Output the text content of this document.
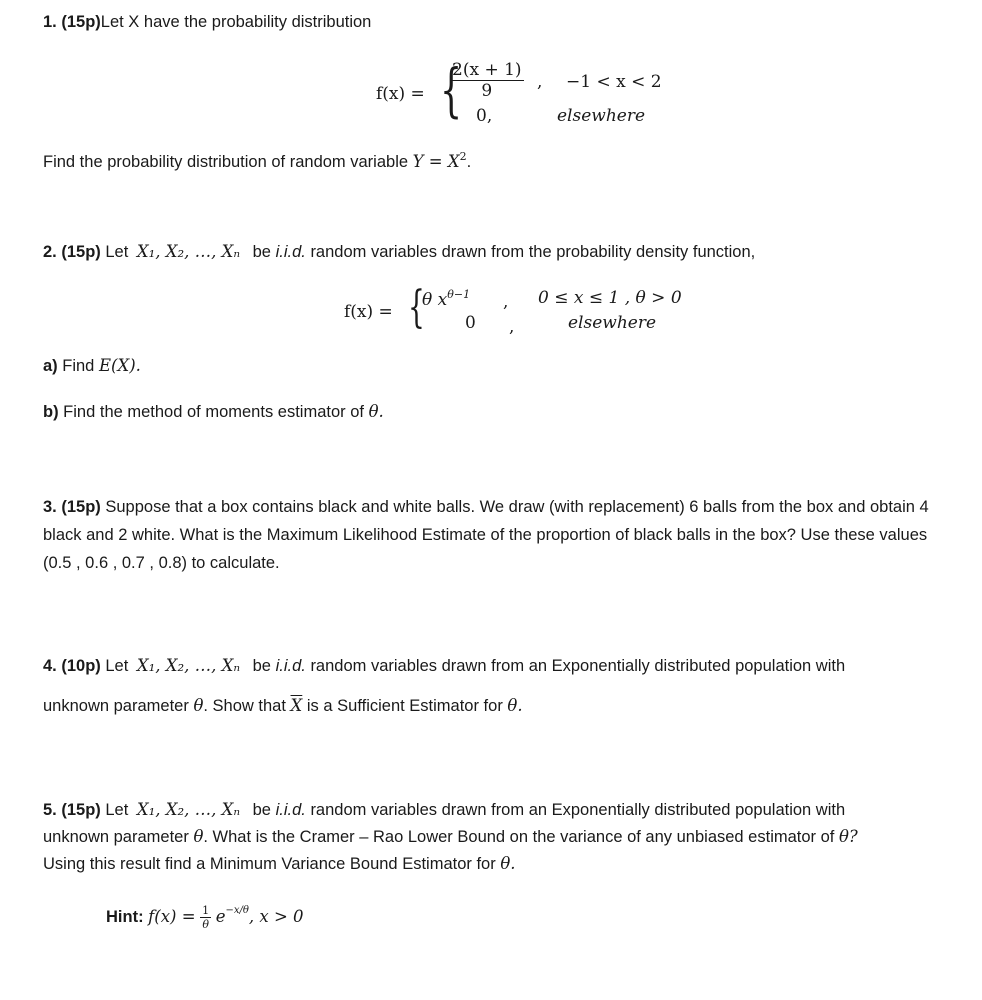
1. (15p)Let X have the probability distribution
f(x) = {
$\frac{2(x + 1)}{9}$ , −1 < x < 2
0,	elsewhere
Find the probability distribution of random variable $Y = X^2$.
2. (15p) Let X₁, X₂, …, Xₙ be i.i.d. random variables drawn from the probability density function,
f(x) = {
θ $x^{\theta-1}$ , 0 ≤ x ≤ 1 , θ > 0
0 ,	elsewhere
a) Find E(X).
b) Find the method of moments estimator of θ.
3. (15p) Suppose that a box contains black and white balls. We draw (with replacement) 6 balls from the box and obtain 4 black and 2 white. What is the Maximum Likelihood Estimate of the proportion of black balls in the box? Use these values (0.5 , 0.6 , 0.7 , 0.8) to calculate.
4. (10p) Let X₁, X₂, …, Xₙ be i.i.d. random variables drawn from an Exponentially distributed population with
unknown parameter θ. Show that $\overline{X}$ is a Sufficient Estimator for θ.
5. (15p) Let X₁, X₂, …, Xₙ be i.i.d. random variables drawn from an Exponentially distributed population with
unknown parameter θ. What is the Cramer – Rao Lower Bound on the variance of any unbiased estimator of θ?
Using this result find a Minimum Variance Bound Estimator for θ.
Hint: $f(x) = \frac{1}{\theta} e^{-x/\theta}$, x > 0
